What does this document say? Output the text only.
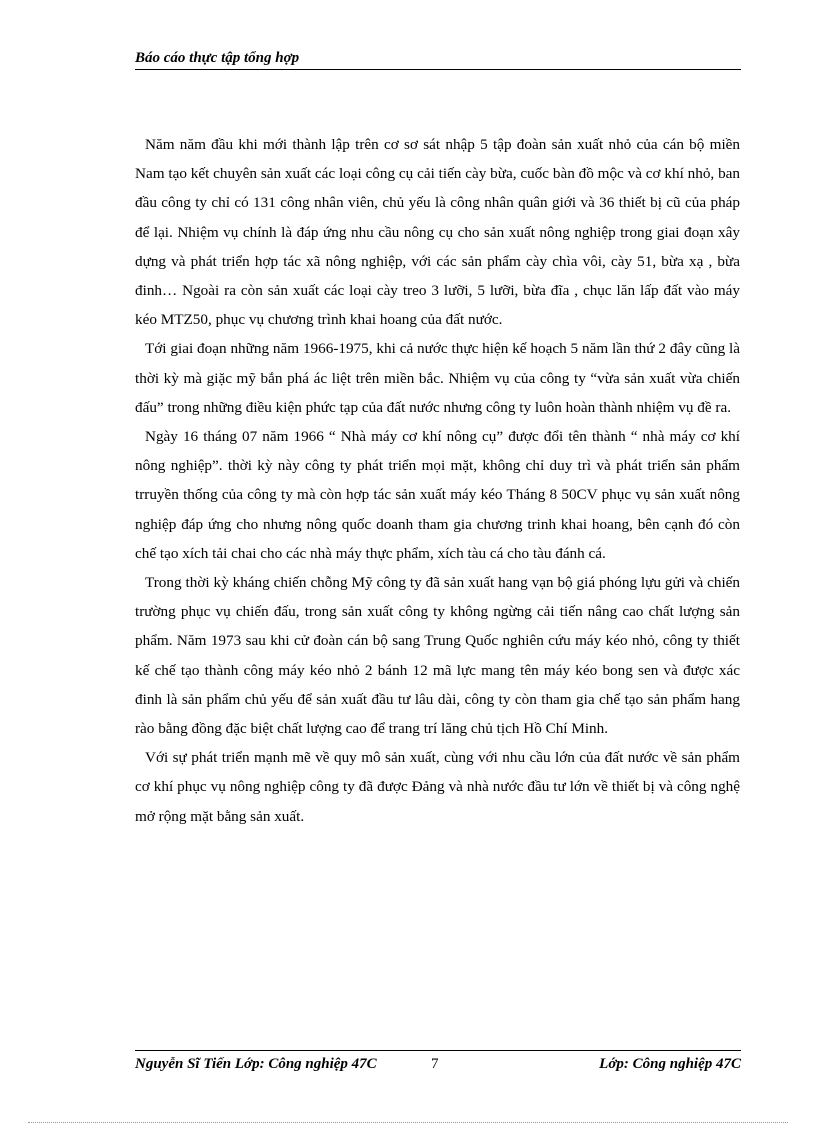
Báo cáo thực tập tổng hợp

Năm năm đầu khi mới thành lập trên cơ sơ sát nhập 5 tập đoàn sản xuất nhỏ của cán bộ miền Nam tạo kết chuyên sản xuất các loại công cụ cải tiến cày bừa, cuốc bàn đồ mộc và cơ khí nhỏ, ban đầu công ty chỉ có 131 công nhân viên, chủ yếu là công nhân quân giới và 36 thiết bị cũ của pháp để lại. Nhiệm vụ chính là đáp ứng nhu cầu nông cụ cho sản xuất nông nghiệp trong giai đoạn xây dựng và phát triển hợp tác xã nông nghiệp, với các sản phẩm cày chìa vôi, cày 51, bừa xạ , bừa đinh… Ngoài ra còn sản xuất các loại cày treo 3 lưỡi, 5 lưỡi, bừa đĩa , chục lăn lấp đất vào máy kéo MTZ50, phục vụ chương trình khai hoang của đất nước.

Tới giai đoạn những năm 1966-1975, khi cả nước thực hiện kế hoạch 5 năm lần thứ 2 đây cũng là thời kỳ mà giặc mỹ bắn phá ác liệt trên miền bắc. Nhiệm vụ của công ty “vừa sản xuất vừa chiến đấu” trong những điều kiện phức tạp của đất nước nhưng công ty luôn hoàn thành nhiệm vụ đề ra.

Ngày 16 tháng 07 năm 1966 “ Nhà máy cơ khí nông cụ” được đổi tên thành “ nhà máy cơ khí nông nghiệp”. thời kỳ này công ty phát triển mọi mặt, không chỉ duy trì và phát triển sản phẩm trruyền thống của công ty mà còn hợp tác sản xuất máy kéo Tháng 8 50CV phục vụ sản xuất nông nghiệp đáp ứng cho nhưng nông quốc doanh tham gia chương trinh khai hoang, bên cạnh đó còn chế tạo xích tải chai cho các nhà máy thực phẩm, xích tàu cá cho tàu đánh cá.

Trong thời kỳ kháng chiến chỗng Mỹ công ty đã sản xuất hang vạn bộ giá phóng lựu gửi và chiến trường phục vụ chiến đấu, trong sản xuất công ty không ngừng cải tiến nâng cao chất lượng sản phẩm. Năm 1973 sau khi cử đoàn cán bộ sang Trung Quốc nghiên cứu máy kéo nhỏ, công ty thiết kế chế tạo thành công máy kéo nhỏ 2 bánh 12 mã lực mang tên máy kéo bong sen và được xác đinh là sản phẩm chủ yếu để sản xuất đầu tư lâu dài, công ty còn tham gia chế tạo sản phẩm hang rào bằng đồng đặc biệt chất lượng cao để trang trí lăng chủ tịch Hồ Chí Minh.

Với sự phát triển mạnh mẽ về quy mô sản xuất, cùng với nhu cầu lớn của đất nước về sản phẩm cơ khí phục vụ nông nghiệp công ty đã được Đảng và nhà nước đầu tư lớn về thiết bị và công nghệ mở rộng mặt bằng sản xuất.

Nguyễn Sĩ Tiến Lớp: Công nghiệp 47C	7	Lớp: Công nghiệp 47C
